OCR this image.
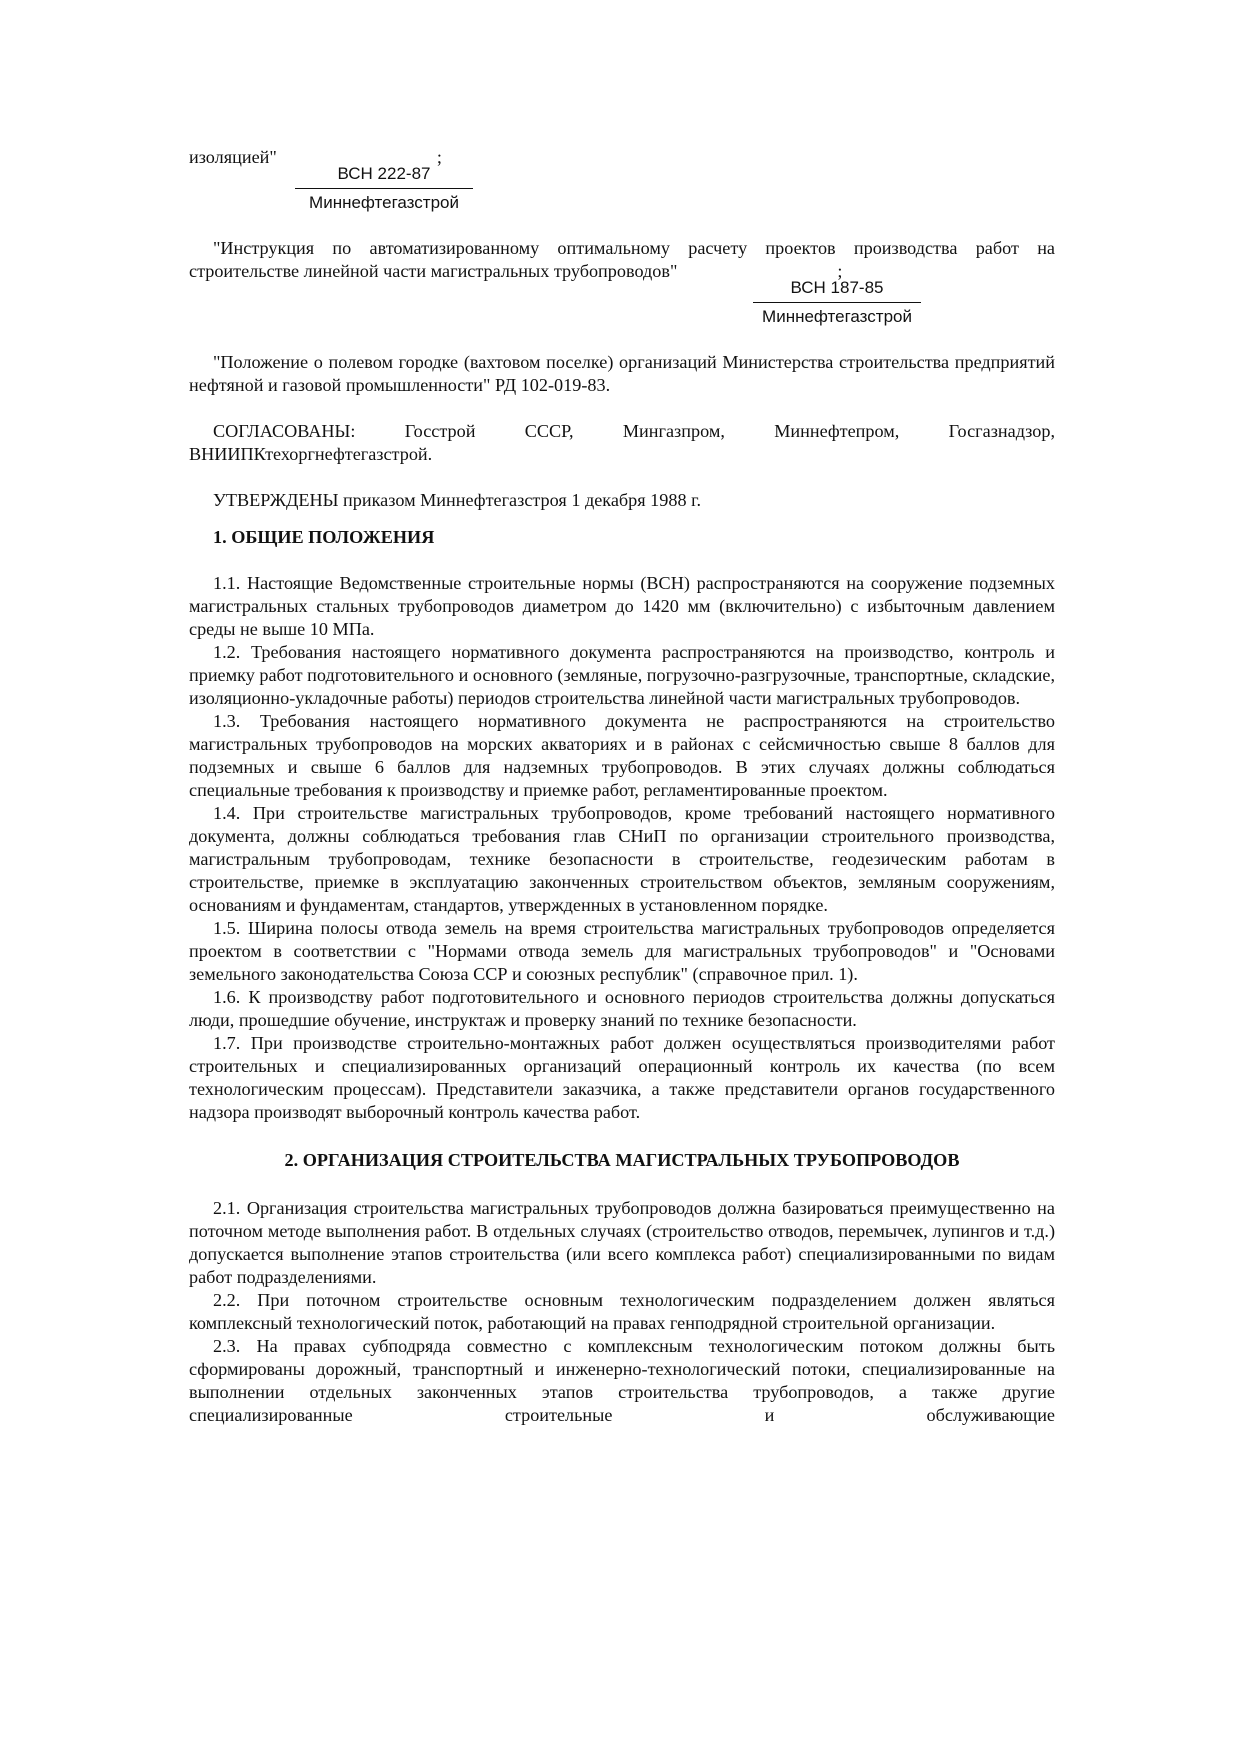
изоляцией"	;

ВСН 222-87
Миннефтегазстрой

"Инструкция по автоматизированному оптимальному расчету проектов производства работ на строительстве линейной части магистральных трубопроводов"	;

ВСН 187-85
Миннефтегазстрой

"Положение о полевом городке (вахтовом поселке) организаций Министерства строительства предприятий нефтяной и газовой промышленности" РД 102-019-83.

СОГЛАСОВАНЫ: Госстрой СССР, Мингазпром, Миннефтепром, Госгазнадзор, ВНИИПКтехоргнефтегазстрой.

УТВЕРЖДЕНЫ приказом Миннефтегазстроя 1 декабря 1988 г.

1. ОБЩИЕ ПОЛОЖЕНИЯ

1.1. Настоящие Ведомственные строительные нормы (ВСН) распространяются на сооружение подземных магистральных стальных трубопроводов диаметром до 1420 мм (включительно) с избыточным давлением среды не выше 10 МПа.

1.2. Требования настоящего нормативного документа распространяются на производство, контроль и приемку работ подготовительного и основного (земляные, погрузочно-разгрузочные, транспортные, складские, изоляционно-укладочные работы) периодов строительства линейной части магистральных трубопроводов.

1.3. Требования настоящего нормативного документа не распространяются на строительство магистральных трубопроводов на морских акваториях и в районах с сейсмичностью свыше 8 баллов для подземных и свыше 6 баллов для надземных трубопроводов. В этих случаях должны соблюдаться специальные требования к производству и приемке работ, регламентированные проектом.

1.4. При строительстве магистральных трубопроводов, кроме требований настоящего нормативного документа, должны соблюдаться требования глав СНиП по организации строительного производства, магистральным трубопроводам, технике безопасности в строительстве, геодезическим работам в строительстве, приемке в эксплуатацию законченных строительством объектов, земляным сооружениям, основаниям и фундаментам, стандартов, утвержденных в установленном порядке.

1.5. Ширина полосы отвода земель на время строительства магистральных трубопроводов определяется проектом в соответствии с "Нормами отвода земель для магистральных трубопроводов" и "Основами земельного законодательства Союза ССР и союзных республик" (справочное прил. 1).

1.6. К производству работ подготовительного и основного периодов строительства должны допускаться люди, прошедшие обучение, инструктаж и проверку знаний по технике безопасности.

1.7. При производстве строительно-монтажных работ должен осуществляться производителями работ строительных и специализированных организаций операционный контроль их качества (по всем технологическим процессам). Представители заказчика, а также представители органов государственного надзора производят выборочный контроль качества работ.

2. ОРГАНИЗАЦИЯ СТРОИТЕЛЬСТВА МАГИСТРАЛЬНЫХ ТРУБОПРОВОДОВ

2.1. Организация строительства магистральных трубопроводов должна базироваться преимущественно на поточном методе выполнения работ. В отдельных случаях (строительство отводов, перемычек, лупингов и т.д.) допускается выполнение этапов строительства (или всего комплекса работ) специализированными по видам работ подразделениями.

2.2. При поточном строительстве основным технологическим подразделением должен являться комплексный технологический поток, работающий на правах генподрядной строительной организации.

2.3. На правах субподряда совместно с комплексным технологическим потоком должны быть сформированы дорожный, транспортный и инженерно-технологический потоки, специализированные на выполнении отдельных законченных этапов строительства трубопроводов, а также другие специализированные строительные и обслуживающие
